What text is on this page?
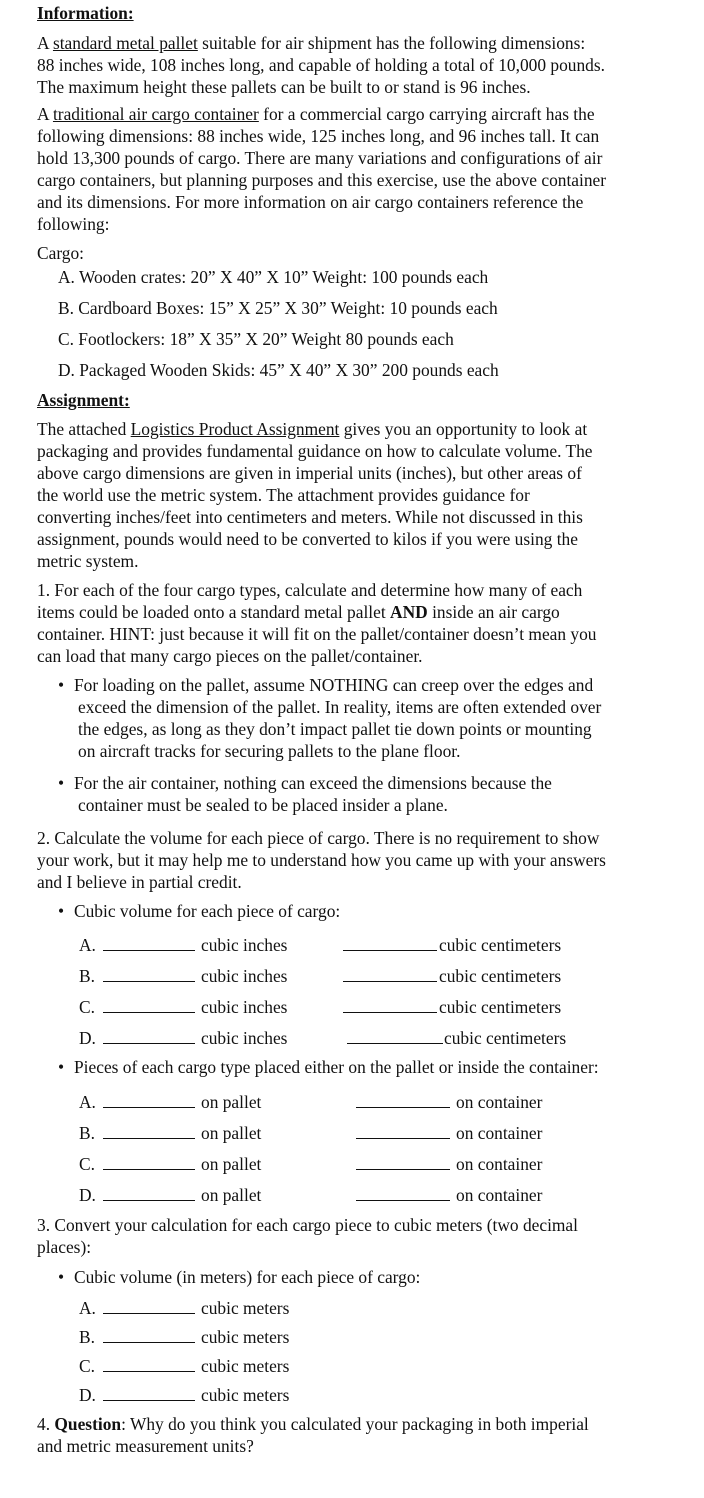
Information:

A standard metal pallet suitable for air shipment has the following dimensions:

88 inches wide, 108 inches long, and capable of holding a total of 10,000 pounds.

The maximum height these pallets can be built to or stand is 96 inches.

A traditional air cargo container for a commercial cargo carrying aircraft has the

following dimensions: 88 inches wide, 125 inches long, and 96 inches tall. It can

hold 13,300 pounds of cargo. There are many variations and configurations of air

cargo containers, but planning purposes and this exercise, use the above container

and its dimensions. For more information on air cargo containers reference the

following:

Cargo:
A. Wooden crates: 20” X 40” X 10” Weight: 100 pounds each
B. Cardboard Boxes: 15” X 25” X 30” Weight: 10 pounds each
C. Footlockers: 18” X 35” X 20” Weight 80 pounds each
D. Packaged Wooden Skids: 45” X 40” X 30” 200 pounds each
Assignment:

The attached Logistics Product Assignment gives you an opportunity to look at

packaging and provides fundamental guidance on how to calculate volume. The

above cargo dimensions are given in imperial units (inches), but other areas of

the world use the metric system. The attachment provides guidance for

converting inches/feet into centimeters and meters. While not discussed in this

assignment, pounds would need to be converted to kilos if you were using the

metric system.

1. For each of the four cargo types, calculate and determine how many of each

items could be loaded onto a standard metal pallet AND inside an air cargo

container. HINT: just because it will fit on the pallet/container doesn’t mean you

can load that many cargo pieces on the pallet/container.

• For loading on the pallet, assume NOTHING can creep over the edges and
exceed the dimension of the pallet. In reality, items are often extended over
the edges, as long as they don’t impact pallet tie down points or mounting
on aircraft tracks for securing pallets to the plane floor.
• For the air container, nothing can exceed the dimensions because the
container must be sealed to be placed insider a plane.

2. Calculate the volume for each piece of cargo. There is no requirement to show

your work, but it may help me to understand how you came up with your answers

and I believe in partial credit.

• Cubic volume for each piece of cargo:
A.	cubic inches	cubic centimeters
B.	cubic inches	cubic centimeters
C.	cubic inches	cubic centimeters
D.	cubic inches	cubic centimeters
• Pieces of each cargo type placed either on the pallet or inside the container:
A.	on pallet	on container
B.	on pallet	on container
C.	on pallet	on container
D.	on pallet	on container

3. Convert your calculation for each cargo piece to cubic meters (two decimal

places):

• Cubic volume (in meters) for each piece of cargo:
A.	cubic meters
B.	cubic meters
C.	cubic meters
D.	cubic meters

4. Question: Why do you think you calculated your packaging in both imperial

and metric measurement units?
